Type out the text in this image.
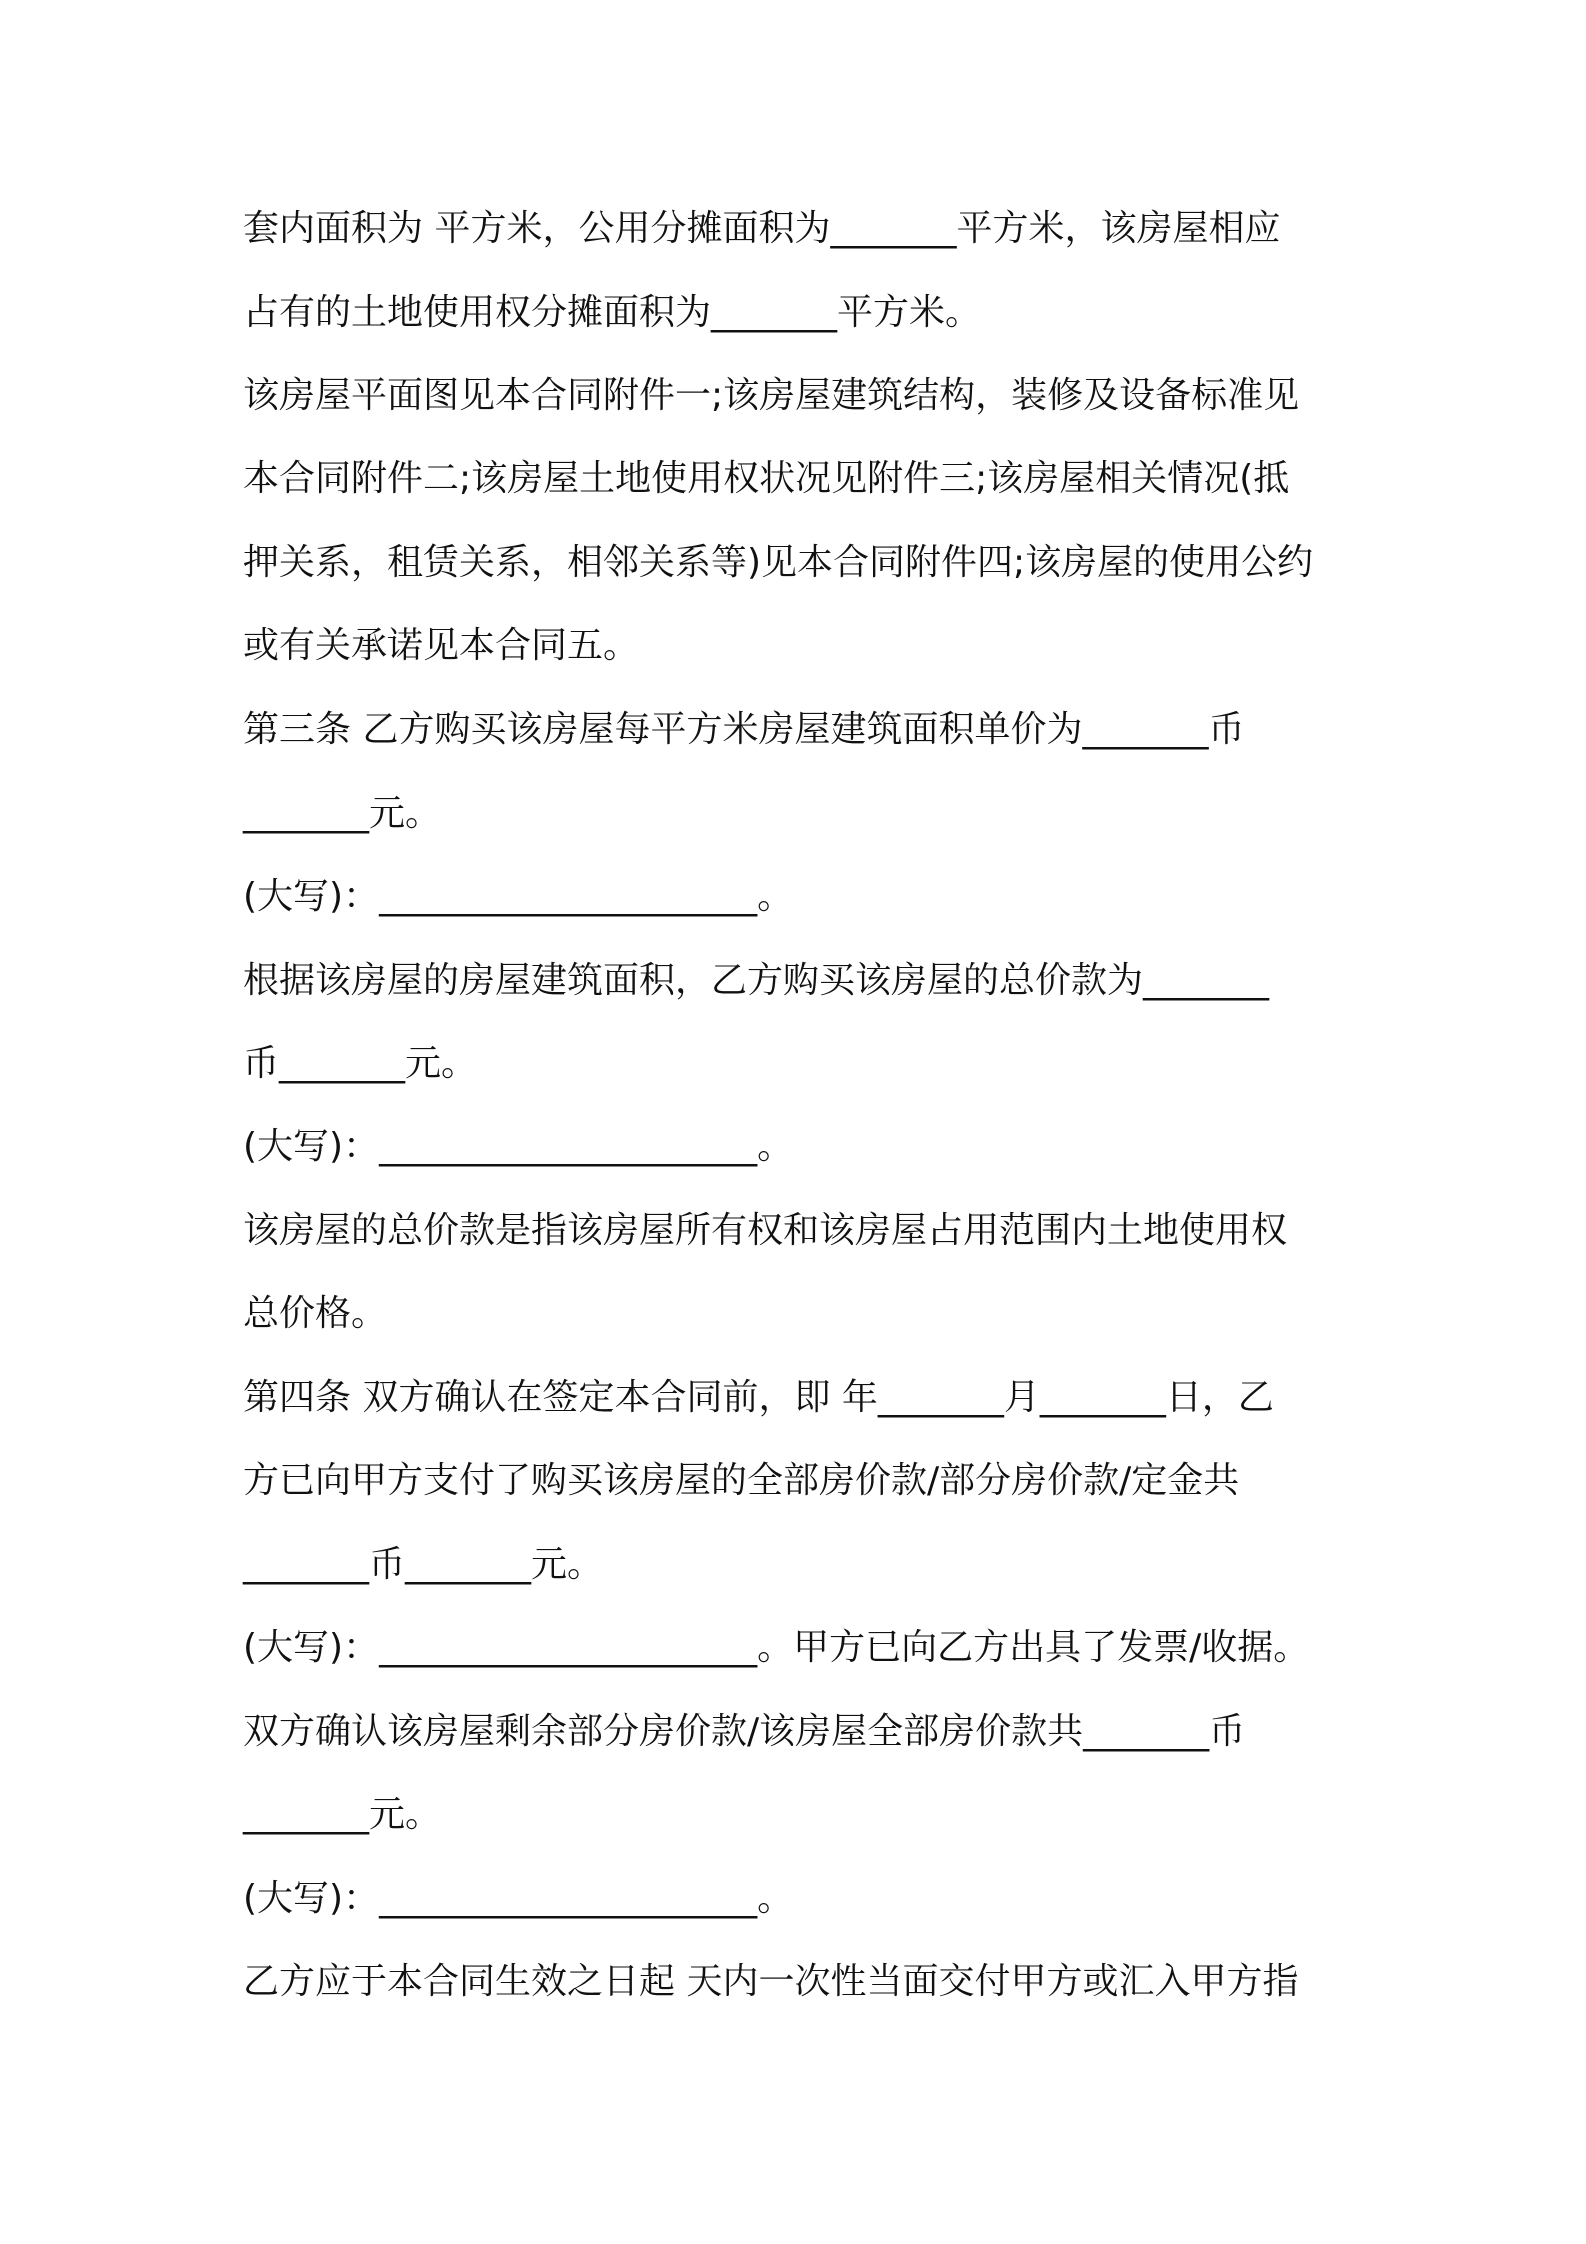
套内面积为 平方米，公用分摊面积为_______平方米，该房屋相应
占有的土地使用权分摊面积为_______平方米。
该房屋平面图见本合同附件一;该房屋建筑结构，装修及设备标准见
本合同附件二;该房屋土地使用权状况见附件三;该房屋相关情况(抵
押关系，租赁关系，相邻关系等)见本合同附件四;该房屋的使用公约
或有关承诺见本合同五。
第三条 乙方购买该房屋每平方米房屋建筑面积单价为_______币
_______元。
(大写)：_____________________。
根据该房屋的房屋建筑面积，乙方购买该房屋的总价款为_______
币_______元。
(大写)：_____________________。
该房屋的总价款是指该房屋所有权和该房屋占用范围内土地使用权
总价格。
第四条 双方确认在签定本合同前，即 年_______月_______日，乙
方已向甲方支付了购买该房屋的全部房价款/部分房价款/定金共
_______币_______元。
(大写)：_____________________。甲方已向乙方出具了发票/收据。
双方确认该房屋剩余部分房价款/该房屋全部房价款共_______币
_______元。
(大写)：_____________________。
乙方应于本合同生效之日起 天内一次性当面交付甲方或汇入甲方指
